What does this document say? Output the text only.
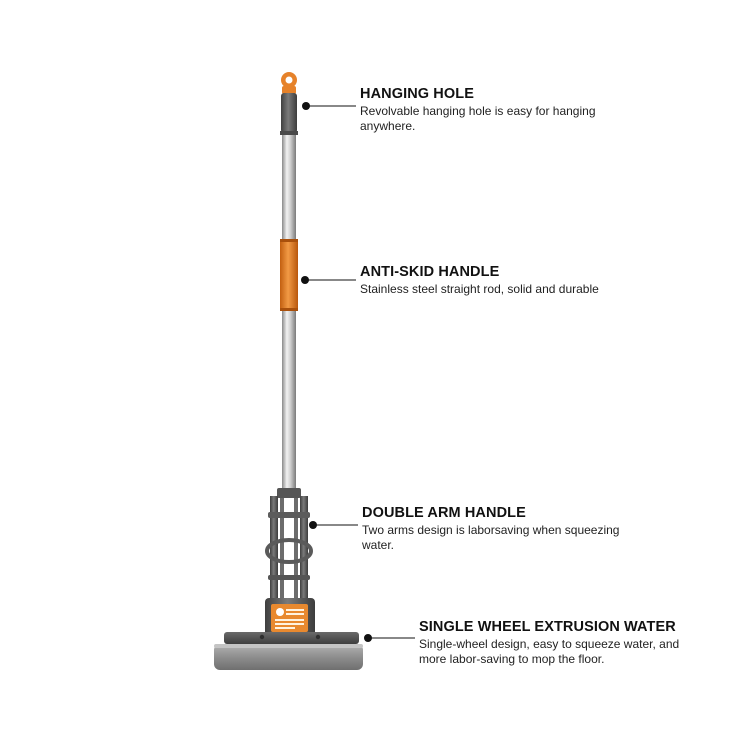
HANGING HOLE

Revolvable hanging hole is easy for hanging anywhere.

ANTI-SKID HANDLE

Stainless steel straight rod, solid and durable

DOUBLE ARM HANDLE

Two arms design is laborsaving when squeezing water.

SINGLE WHEEL EXTRUSION WATER

Single-wheel design, easy to squeeze water, and more labor-saving to mop the floor.
